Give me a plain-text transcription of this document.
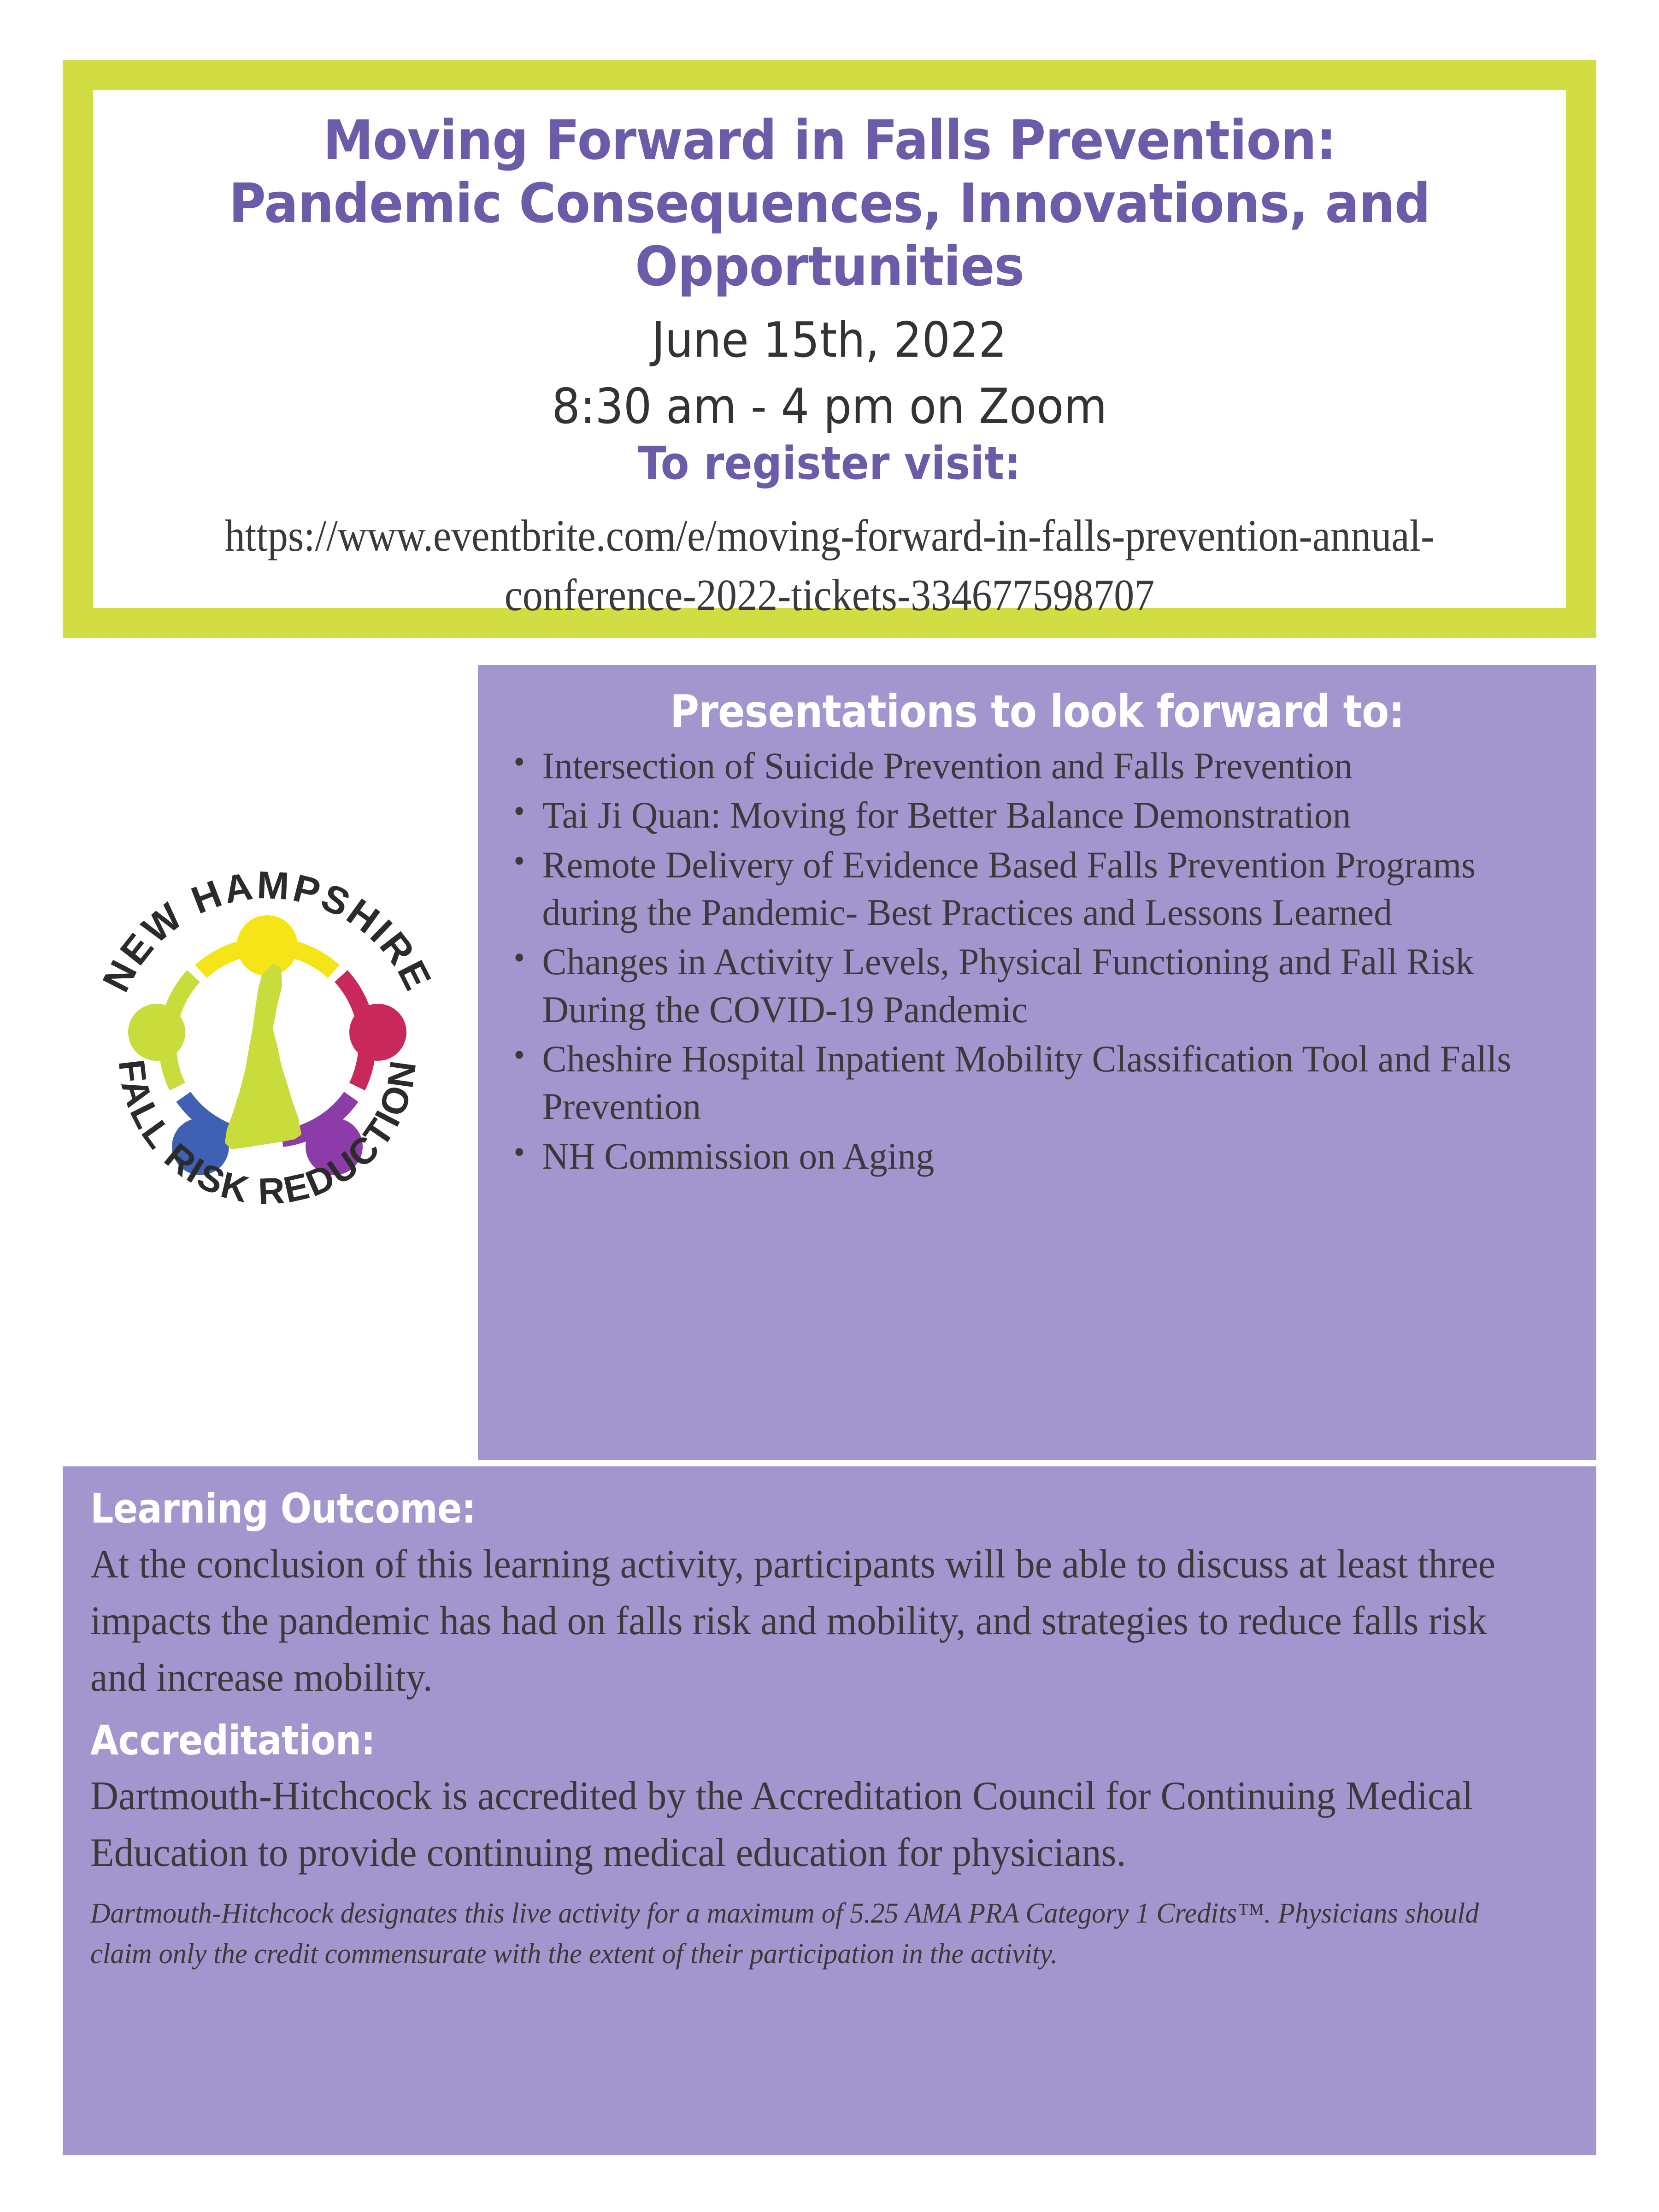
Moving Forward in Falls Prevention: Pandemic Consequences, Innovations, and Opportunities
June 15th, 2022
8:30 am - 4 pm on Zoom
To register visit:
https://www.eventbrite.com/e/moving-forward-in-falls-prevention-annual-conference-2022-tickets-334677598707
NEW HAMPSHIRE
FALL RISK REDUCTION
Presentations to look forward to:
• Intersection of Suicide Prevention and Falls Prevention
• Tai Ji Quan: Moving for Better Balance Demonstration
• Remote Delivery of Evidence Based Falls Prevention Programs during the Pandemic- Best Practices and Lessons Learned
• Changes in Activity Levels, Physical Functioning and Fall Risk During the COVID-19 Pandemic
• Cheshire Hospital Inpatient Mobility Classification Tool and Falls Prevention
• NH Commission on Aging
Learning Outcome:

At the conclusion of this learning activity, participants will be able to discuss at least three impacts the pandemic has had on falls risk and mobility, and strategies to reduce falls risk and increase mobility.

Accreditation:

Dartmouth-Hitchcock is accredited by the Accreditation Council for Continuing Medical Education to provide continuing medical education for physicians.

Dartmouth-Hitchcock designates this live activity for a maximum of 5.25 AMA PRA Category 1 Credits™. Physicians should claim only the credit commensurate with the extent of their participation in the activity.
